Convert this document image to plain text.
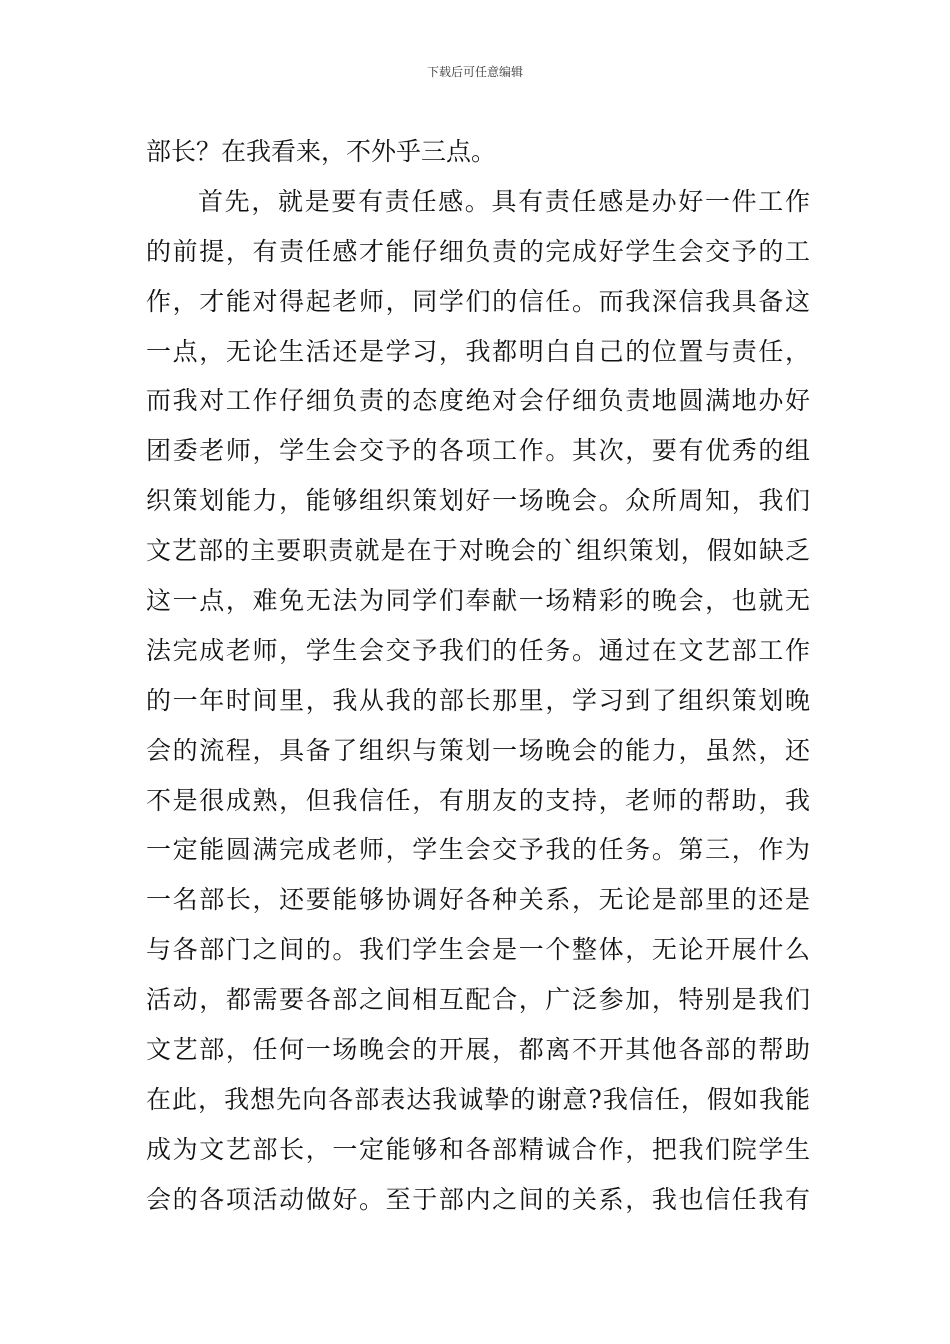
下载后可任意编辑
部长？在我看来，不外乎三点。
首先，就是要有责任感。具有责任感是办好一件工作
的前提，有责任感才能仔细负责的完成好学生会交予的工
作，才能对得起老师，同学们的信任。而我深信我具备这
一点，无论生活还是学习，我都明白自己的位置与责任，
而我对工作仔细负责的态度绝对会仔细负责地圆满地办好
团委老师，学生会交予的各项工作。其次，要有优秀的组
织策划能力，能够组织策划好一场晚会。众所周知，我们
文艺部的主要职责就是在于对晚会的`组织策划，假如缺乏
这一点，难免无法为同学们奉献一场精彩的晚会，也就无
法完成老师，学生会交予我们的任务。通过在文艺部工作
的一年时间里，我从我的部长那里，学习到了组织策划晚
会的流程，具备了组织与策划一场晚会的能力，虽然，还
不是很成熟，但我信任，有朋友的支持，老师的帮助，我
一定能圆满完成老师，学生会交予我的任务。第三，作为
一名部长，还要能够协调好各种关系，无论是部里的还是
与各部门之间的。我们学生会是一个整体，无论开展什么
活动，都需要各部之间相互配合，广泛参加，特别是我们
文艺部，任何一场晚会的开展，都离不开其他各部的帮助
在此，我想先向各部表达我诚挚的谢意?我信任，假如我能
成为文艺部长，一定能够和各部精诚合作，把我们院学生
会的各项活动做好。至于部内之间的关系，我也信任我有
